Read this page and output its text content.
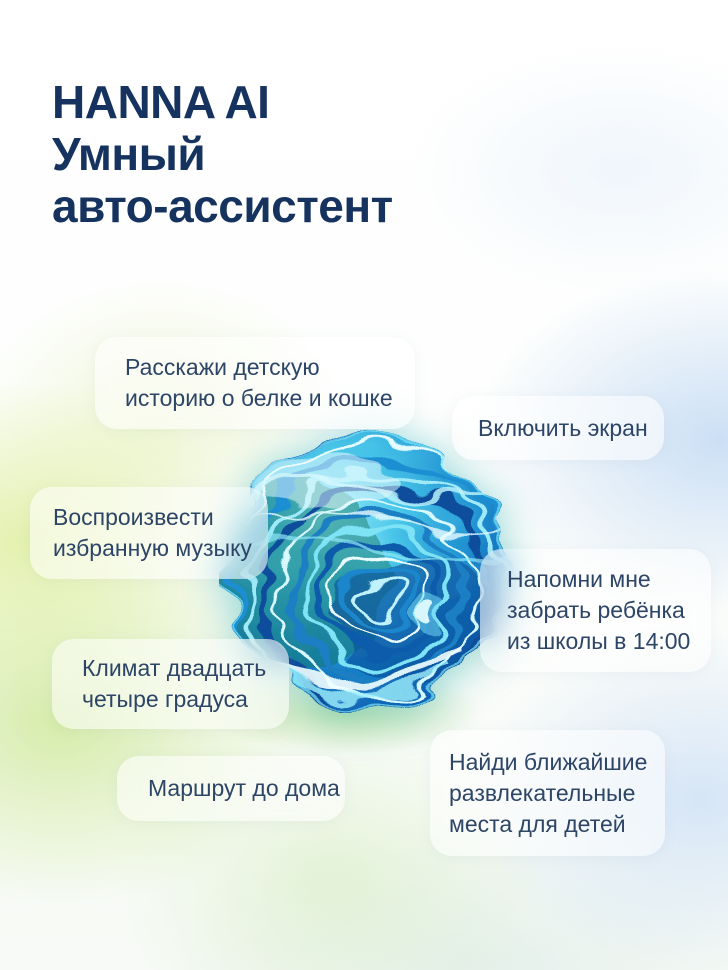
HANNA AI
Умный
авто-ассистент
Расскажи детскую
историю о белке и кошке
Включить экран
Воспроизвести
избранную музыку
Напомни мне
забрать ребёнка
из школы в 14:00
Климат двадцать
четыре градуса
Маршрут до дома
Найди ближайшие
развлекательные
места для детей
